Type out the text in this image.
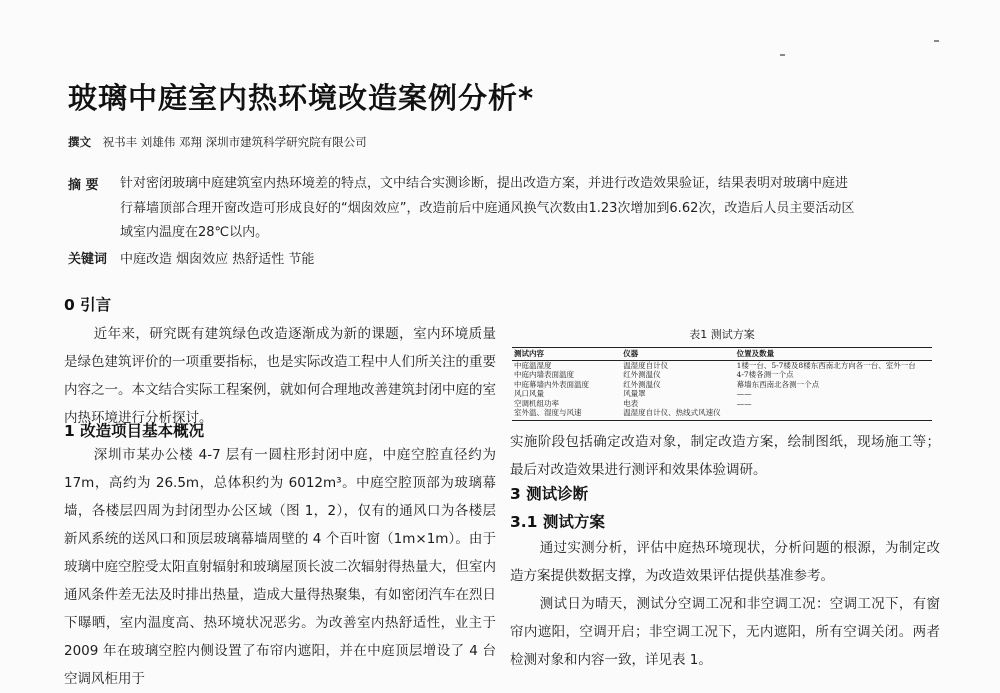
玻璃中庭室内热环境改造案例分析*
撰文 祝书丰 刘雄伟 邓翔 深圳市建筑科学研究院有限公司
摘 要 针对密闭玻璃中庭建筑室内热环境差的特点，文中结合实测诊断，提出改造方案，并进行改造效果验证，结果表明对玻璃中庭进行幕墙顶部合理开窗改造可形成良好的“烟囱效应”，改造前后中庭通风换气次数由1.23次增加到6.62次，改造后人员主要活动区域室内温度在28℃以内。
关键词 中庭改造 烟囱效应 热舒适性 节能
0 引言

近年来，研究既有建筑绿色改造逐渐成为新的课题，室内环境质量是绿色建筑评价的一项重要指标，也是实际改造工程中人们所关注的重要内容之一。本文结合实际工程案例，就如何合理地改善建筑封闭中庭的室内热环境进行分析探讨。

1 改造项目基本概况

深圳市某办公楼 4-7 层有一圆柱形封闭中庭，中庭空腔直径约为 17m，高约为 26.5m，总体积约为 6012m³。中庭空腔顶部为玻璃幕墙，各楼层四周为封闭型办公区域（图 1，2），仅有的通风口为各楼层新风系统的送风口和顶层玻璃幕墙周壁的 4 个百叶窗（1m×1m）。由于玻璃中庭空腔受太阳直射辐射和玻璃屋顶长波二次辐射得热量大，但室内通风条件差无法及时排出热量，造成大量得热聚集，有如密闭汽车在烈日下曝晒，室内温度高、热环境状况恶劣。为改善室内热舒适性，业主于 2009 年在玻璃空腔内侧设置了布帘内遮阳，并在中庭顶层增设了 4 台空调风柜用于

表1 测试方案
测试内容	仪器	位置及数量
中庭温湿度	温湿度自计仪	1楼一台、5-7楼及8楼东西南北方向各一台、室外一台
中庭内墙表面温度	红外测温仪	4-7楼各测一个点
中庭幕墙内外表面温度	红外测温仪	幕墙东西南北各测一个点
风口风量	风量罩	——
空调机组功率	电表	——
室外温、湿度与风速	温湿度自计仪、热线式风速仪	

实施阶段包括确定改造对象，制定改造方案，绘制图纸，现场施工等；最后对改造效果进行测评和效果体验调研。

3 测试诊断
3.1 测试方案

通过实测分析，评估中庭热环境现状，分析问题的根源，为制定改造方案提供数据支撑，为改造效果评估提供基准参考。

测试日为晴天，测试分空调工况和非空调工况：空调工况下，有窗帘内遮阳，空调开启；非空调工况下，无内遮阳，所有空调关闭。两者检测对象和内容一致，详见表 1。
